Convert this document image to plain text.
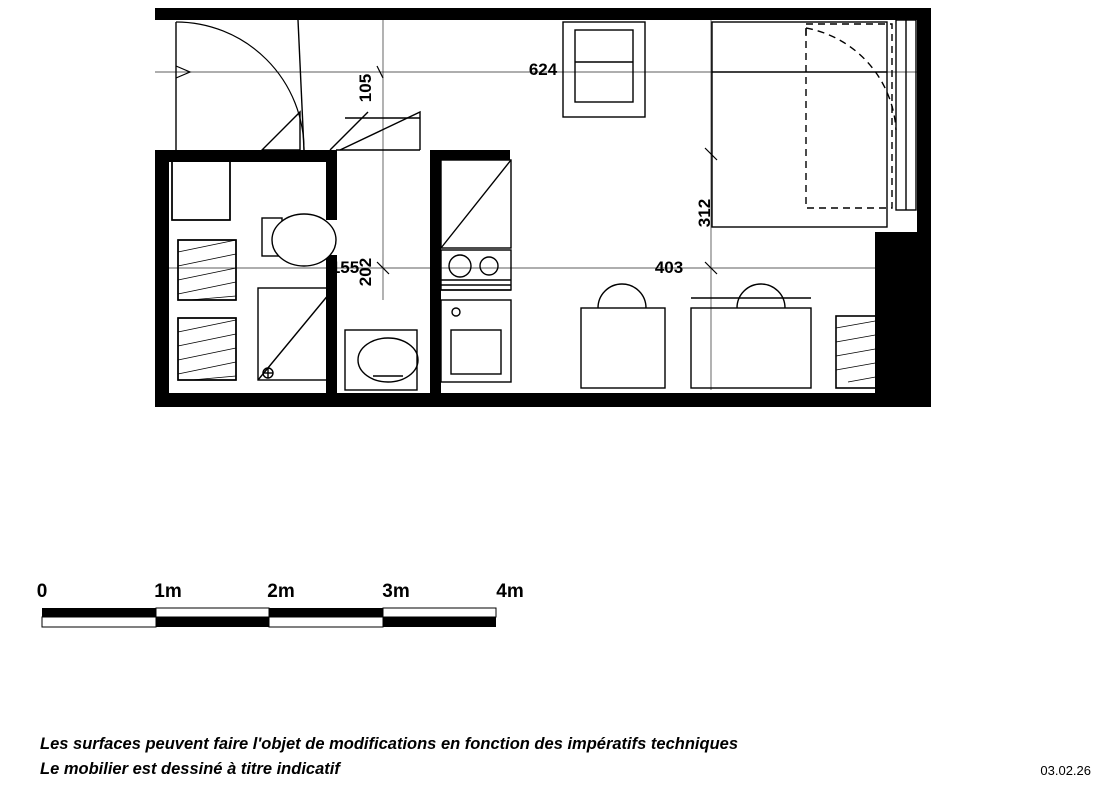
624
105
155
202	403
312
0	1m	2m	3m	4m
Les surfaces peuvent faire l'objet de modifications en fonction des impératifs techniques
Le mobilier est dessiné à titre indicatif	03.02.26
